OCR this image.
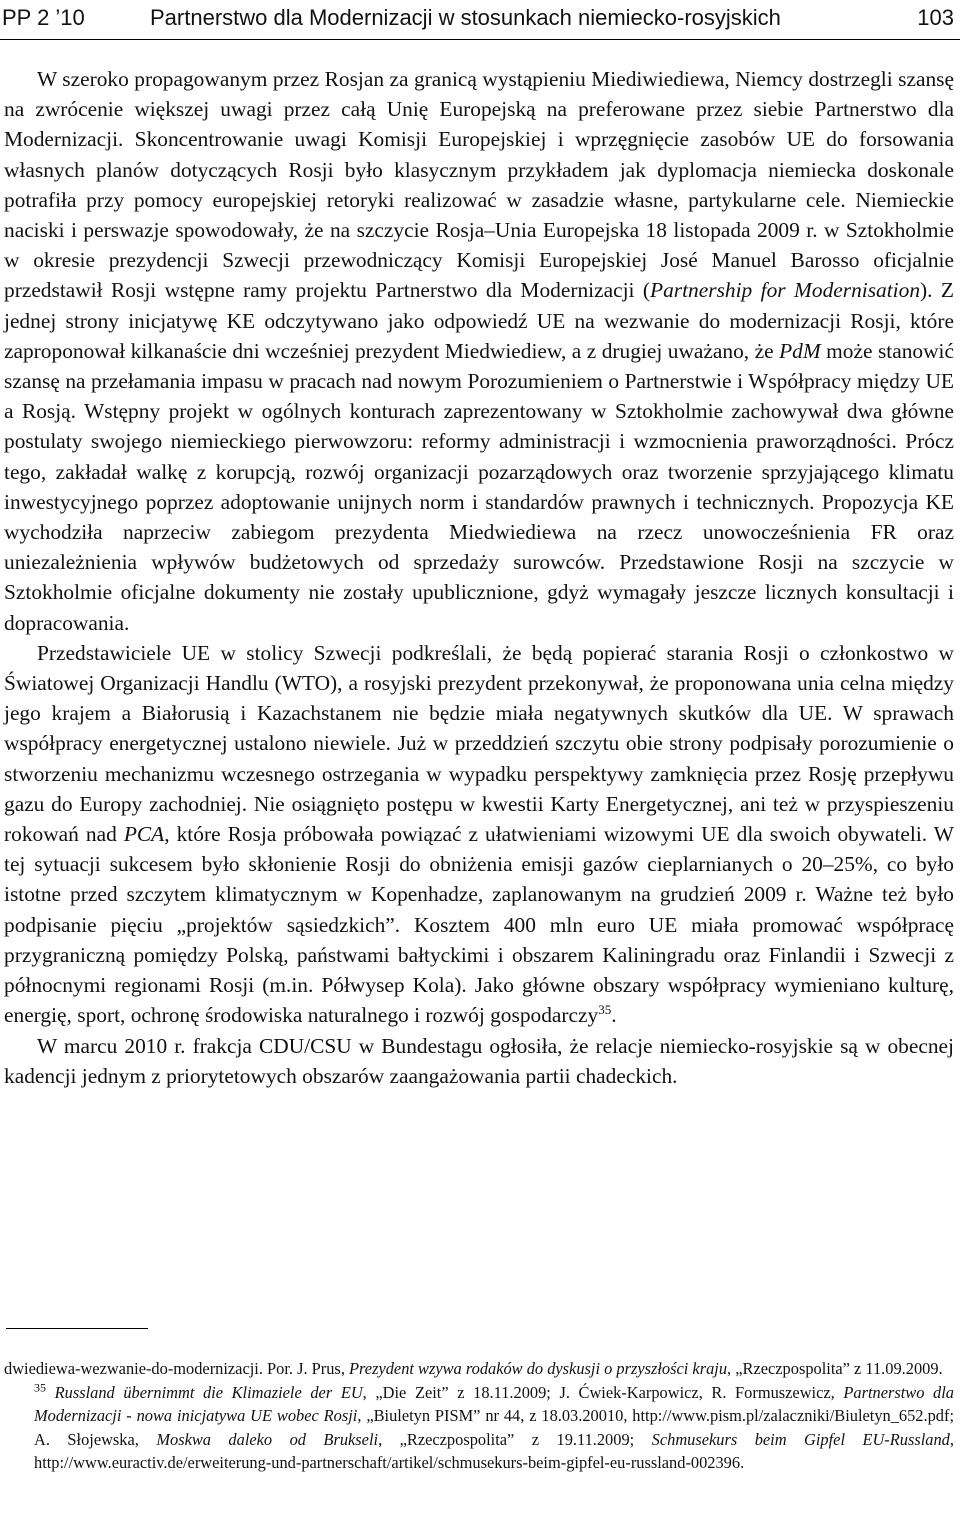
PP 2 ’10	Partnerstwo dla Modernizacji w stosunkach niemiecko-rosyjskich	103

W szeroko propagowanym przez Rosjan za granicą wystąpieniu Miediwiediewa, Niemcy dostrzegli szansę na zwrócenie większej uwagi przez całą Unię Europejską na preferowane przez siebie Partnerstwo dla Modernizacji. Skoncentrowanie uwagi Komisji Europejskiej i wprzęgnięcie zasobów UE do forsowania własnych planów dotyczących Rosji było klasycznym przykładem jak dyplomacja niemiecka doskonale potrafiła przy pomocy europejskiej retoryki realizować w zasadzie własne, partykularne cele. Niemieckie naciski i perswazje spowodowały, że na szczycie Rosja–Unia Europejska 18 listopada 2009 r. w Sztokholmie w okresie prezydencji Szwecji przewodniczący Komisji Europejskiej José Manuel Barosso oficjalnie przedstawił Rosji wstępne ramy projektu Partnerstwo dla Modernizacji (Partnership for Modernisation). Z jednej strony inicjatywę KE odczytywano jako odpowiedź UE na wezwanie do modernizacji Rosji, które zaproponował kilkanaście dni wcześniej prezydent Miedwiediew, a z drugiej uważano, że PdM może stanowić szansę na przełamania impasu w pracach nad nowym Porozumieniem o Partnerstwie i Współpracy między UE a Rosją. Wstępny projekt w ogólnych konturach zaprezentowany w Sztokholmie zachowywał dwa główne postulaty swojego niemieckiego pierwowzoru: reformy administracji i wzmocnienia praworządności. Prócz tego, zakładał walkę z korupcją, rozwój organizacji pozarządowych oraz tworzenie sprzyjającego klimatu inwestycyjnego poprzez adoptowanie unijnych norm i standardów prawnych i technicznych. Propozycja KE wychodziła naprzeciw zabiegom prezydenta Miedwiediewa na rzecz unowocześnienia FR oraz uniezależnienia wpływów budżetowych od sprzedaży surowców. Przedstawione Rosji na szczycie w Sztokholmie oficjalne dokumenty nie zostały upublicznione, gdyż wymagały jeszcze licznych konsultacji i dopracowania.

Przedstawiciele UE w stolicy Szwecji podkreślali, że będą popierać starania Rosji o członkostwo w Światowej Organizacji Handlu (WTO), a rosyjski prezydent przekonywał, że proponowana unia celna między jego krajem a Białorusią i Kazachstanem nie będzie miała negatywnych skutków dla UE. W sprawach współpracy energetycznej ustalono niewiele. Już w przeddzień szczytu obie strony podpisały porozumienie o stworzeniu mechanizmu wczesnego ostrzegania w wypadku perspektywy zamknięcia przez Rosję przepływu gazu do Europy zachodniej. Nie osiągnięto postępu w kwestii Karty Energetycznej, ani też w przyspieszeniu rokowań nad PCA, które Rosja próbowała powiązać z ułatwieniami wizowymi UE dla swoich obywateli. W tej sytuacji sukcesem było skłonienie Rosji do obniżenia emisji gazów cieplarnianych o 20–25%, co było istotne przed szczytem klimatycznym w Kopenhadze, zaplanowanym na grudzień 2009 r. Ważne też było podpisanie pięciu „projektów sąsiedzkich”. Kosztem 400 mln euro UE miała promować współpracę przygraniczną pomiędzy Polską, państwami bałtyckimi i obszarem Kaliningradu oraz Finlandii i Szwecji z północnymi regionami Rosji (m.in. Półwysep Kola). Jako główne obszary współpracy wymieniano kulturę, energię, sport, ochronę środowiska naturalnego i rozwój gospodarczy$^{35}$.

W marcu 2010 r. frakcja CDU/CSU w Bundestagu ogłosiła, że relacje niemiecko-rosyjskie są w obecnej kadencji jednym z priorytetowych obszarów zaangażowania partii chadeckich.

dwiediewa-wezwanie-do-modernizacji. Por. J. Prus, Prezydent wzywa rodaków do dyskusji o przyszłości kraju, „Rzeczpospolita” z 11.09.2009.

$^{35}$ Russland übernimmt die Klimaziele der EU, „Die Zeit” z 18.11.2009; J. Ćwiek-Karpowicz, R. Formuszewicz, Partnerstwo dla Modernizacji - nowa inicjatywa UE wobec Rosji, „Biuletyn PISM” nr 44, z 18.03.20010, http://www.pism.pl/zalaczniki/Biuletyn_652.pdf; A. Słojewska, Moskwa daleko od Brukseli, „Rzeczpospolita” z 19.11.2009; Schmusekurs beim Gipfel EU-Russland, http://www.euractiv.de/erweiterung-und-partnerschaft/artikel/schmusekurs-beim-gipfel-eu-russland-002396.
